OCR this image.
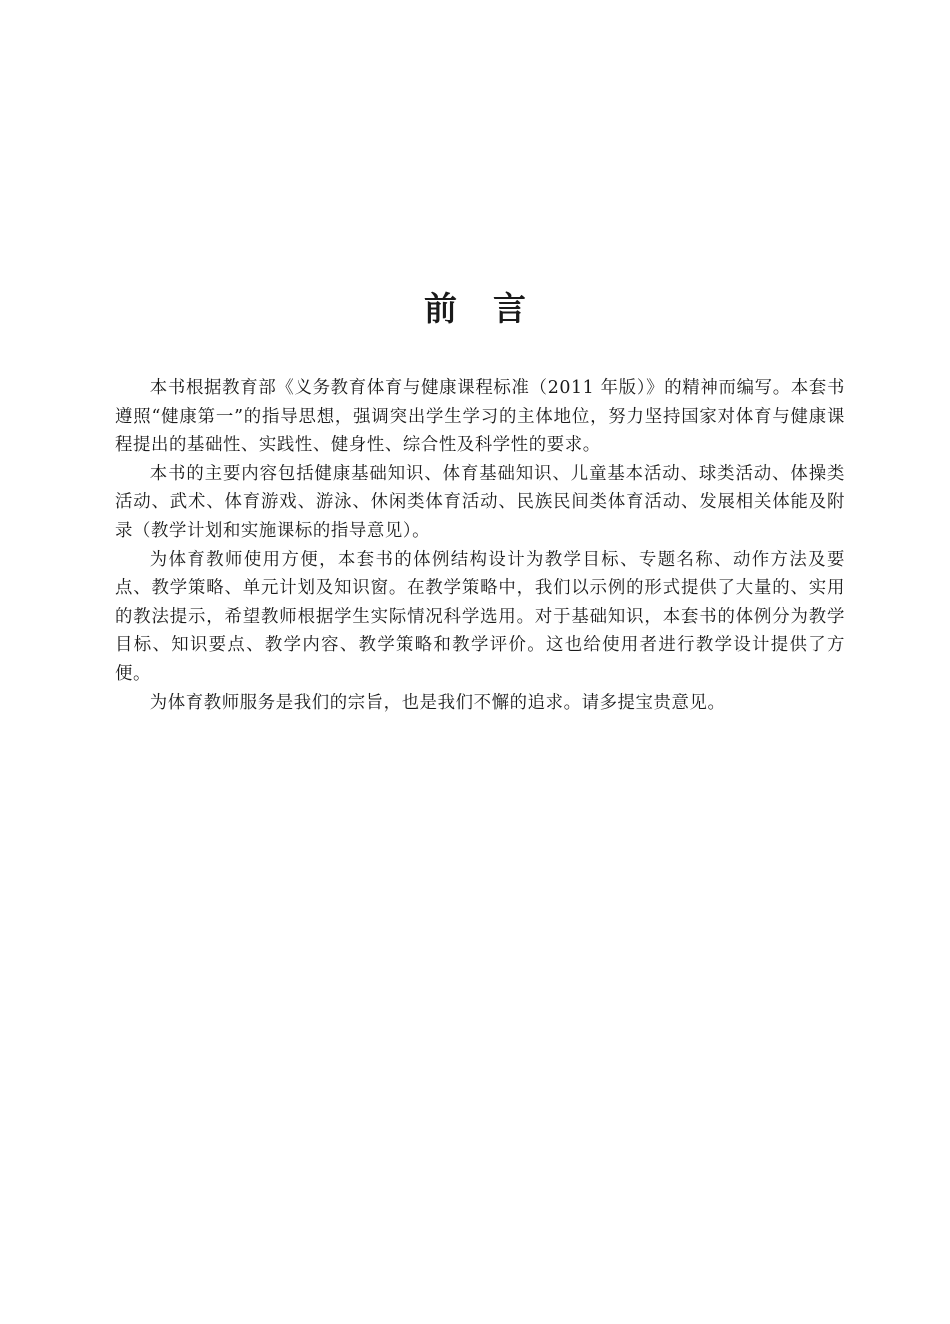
前言

本书根据教育部《义务教育体育与健康课程标准（2011 年版）》的精神而编写。本套书遵照“健康第一”的指导思想，强调突出学生学习的主体地位，努力坚持国家对体育与健康课程提出的基础性、实践性、健身性、综合性及科学性的要求。

本书的主要内容包括健康基础知识、体育基础知识、儿童基本活动、球类活动、体操类活动、武术、体育游戏、游泳、休闲类体育活动、民族民间类体育活动、发展相关体能及附录（教学计划和实施课标的指导意见）。

为体育教师使用方便，本套书的体例结构设计为教学目标、专题名称、动作方法及要点、教学策略、单元计划及知识窗。在教学策略中，我们以示例的形式提供了大量的、实用的教法提示，希望教师根据学生实际情况科学选用。对于基础知识，本套书的体例分为教学目标、知识要点、教学内容、教学策略和教学评价。这也给使用者进行教学设计提供了方便。

为体育教师服务是我们的宗旨，也是我们不懈的追求。请多提宝贵意见。
